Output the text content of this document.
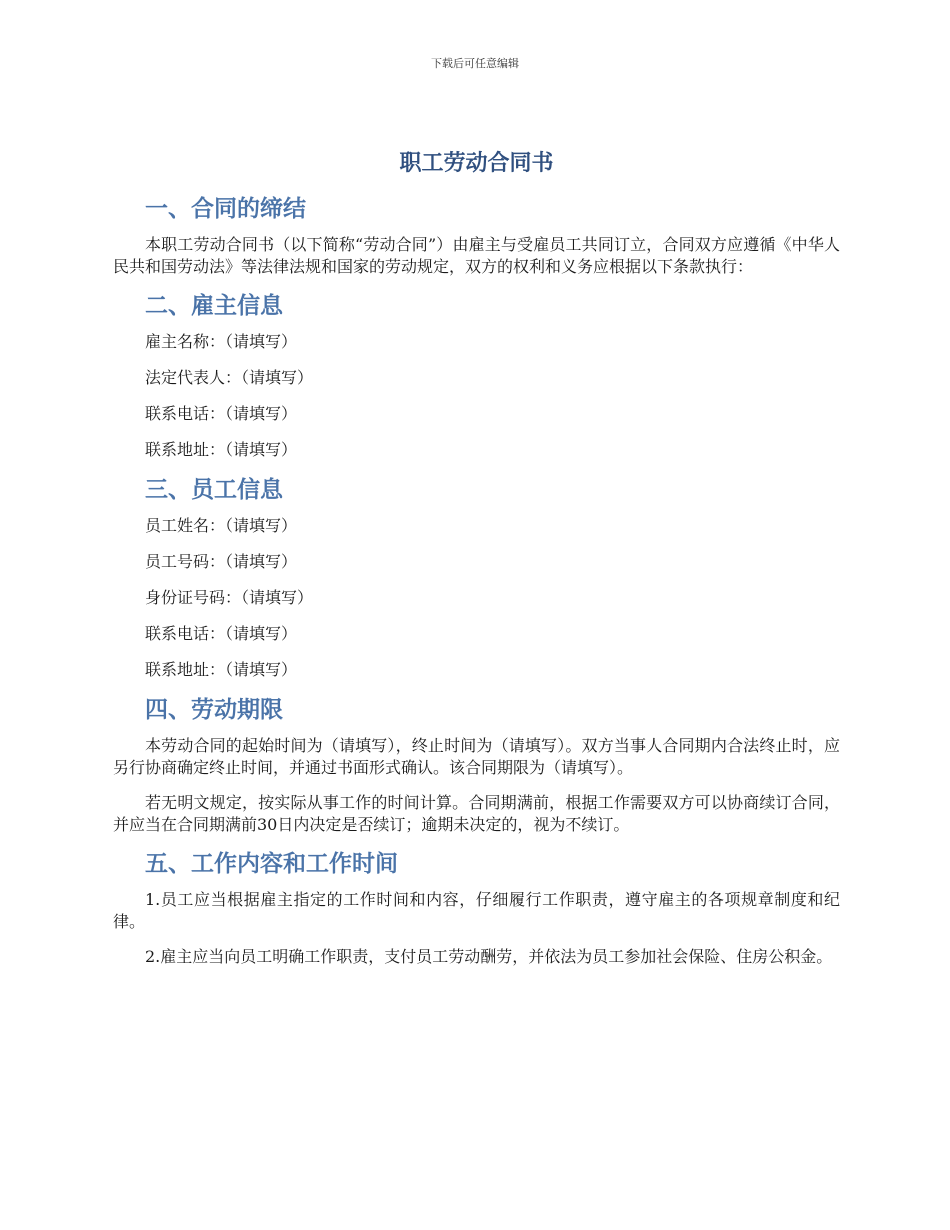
下载后可任意编辑
职工劳动合同书
一、合同的缔结

本职工劳动合同书（以下简称“劳动合同”）由雇主与受雇员工共同订立，合同双方应遵循《中华人民共和国劳动法》等法律法规和国家的劳动规定，双方的权利和义务应根据以下条款执行：

二、雇主信息
雇主名称：（请填写）
法定代表人：（请填写）
联系电话：（请填写）
联系地址：（请填写）
三、员工信息
员工姓名：（请填写）
员工号码：（请填写）
身份证号码：（请填写）
联系电话：（请填写）
联系地址：（请填写）
四、劳动期限

本劳动合同的起始时间为（请填写），终止时间为（请填写）。双方当事人合同期内合法终止时，应另行协商确定终止时间，并通过书面形式确认。该合同期限为（请填写）。

若无明文规定，按实际从事工作的时间计算。合同期满前，根据工作需要双方可以协商续订合同，并应当在合同期满前30日内决定是否续订；逾期未决定的，视为不续订。

五、工作内容和工作时间

1.员工应当根据雇主指定的工作时间和内容，仔细履行工作职责，遵守雇主的各项规章制度和纪律。

2.雇主应当向员工明确工作职责，支付员工劳动酬劳，并依法为员工参加社会保险、住房公积金。
